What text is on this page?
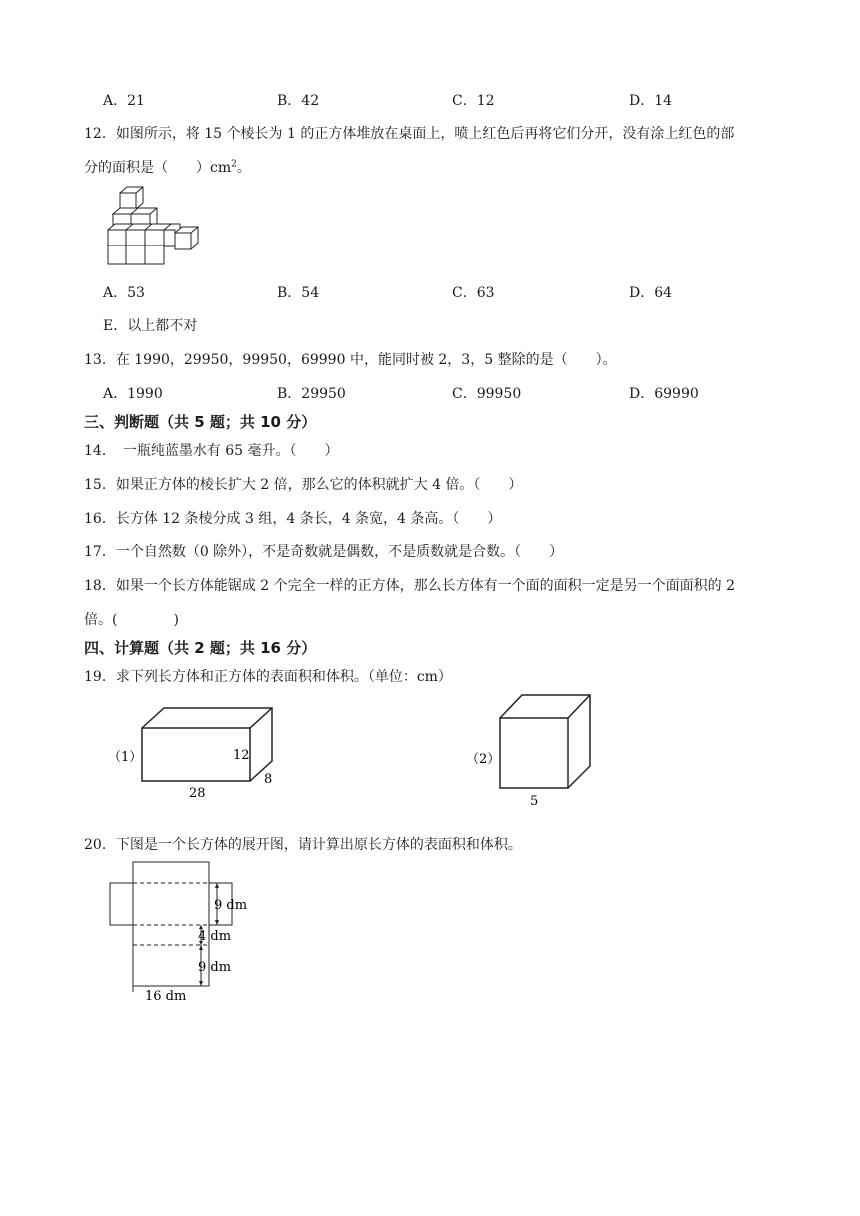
A．21	B．42	C．12	D．14
12．如图所示，将 15 个棱长为 1 的正方体堆放在桌面上，喷上红色后再将它们分开，没有涂上红色的部
分的面积是（　　）$cm^2$。
A．53	B．54	C．63	D．64
E．以上都不对
13．在 1990，29950，99950，69990 中，能同时被 2，3，5 整除的是（　　）。
A．1990	B．29950	C．99950	D．69990
三、判断题（共 5 题；共 10 分）
14．　一瓶纯蓝墨水有 65 毫升。（　　）
15．如果正方体的棱长扩大 2 倍，那么它的体积就扩大 4 倍。（　　）
16．长方体 12 条棱分成 3 组，4 条长，4 条宽，4 条高。（　　）
17．一个自然数（0 除外），不是奇数就是偶数，不是质数就是合数。（　　）
18．如果一个长方体能锯成 2 个完全一样的正方体，那么长方体有一个面的面积一定是另一个面面积的 2
倍。(　　　　)
四、计算题（共 2 题；共 16 分）
19．求下列长方体和正方体的表面积和体积。（单位：cm）
（1）	12
8
28
（2）
5
20．下图是一个长方体的展开图，请计算出原长方体的表面积和体积。
9 dm
4 dm
9 dm
16 dm
